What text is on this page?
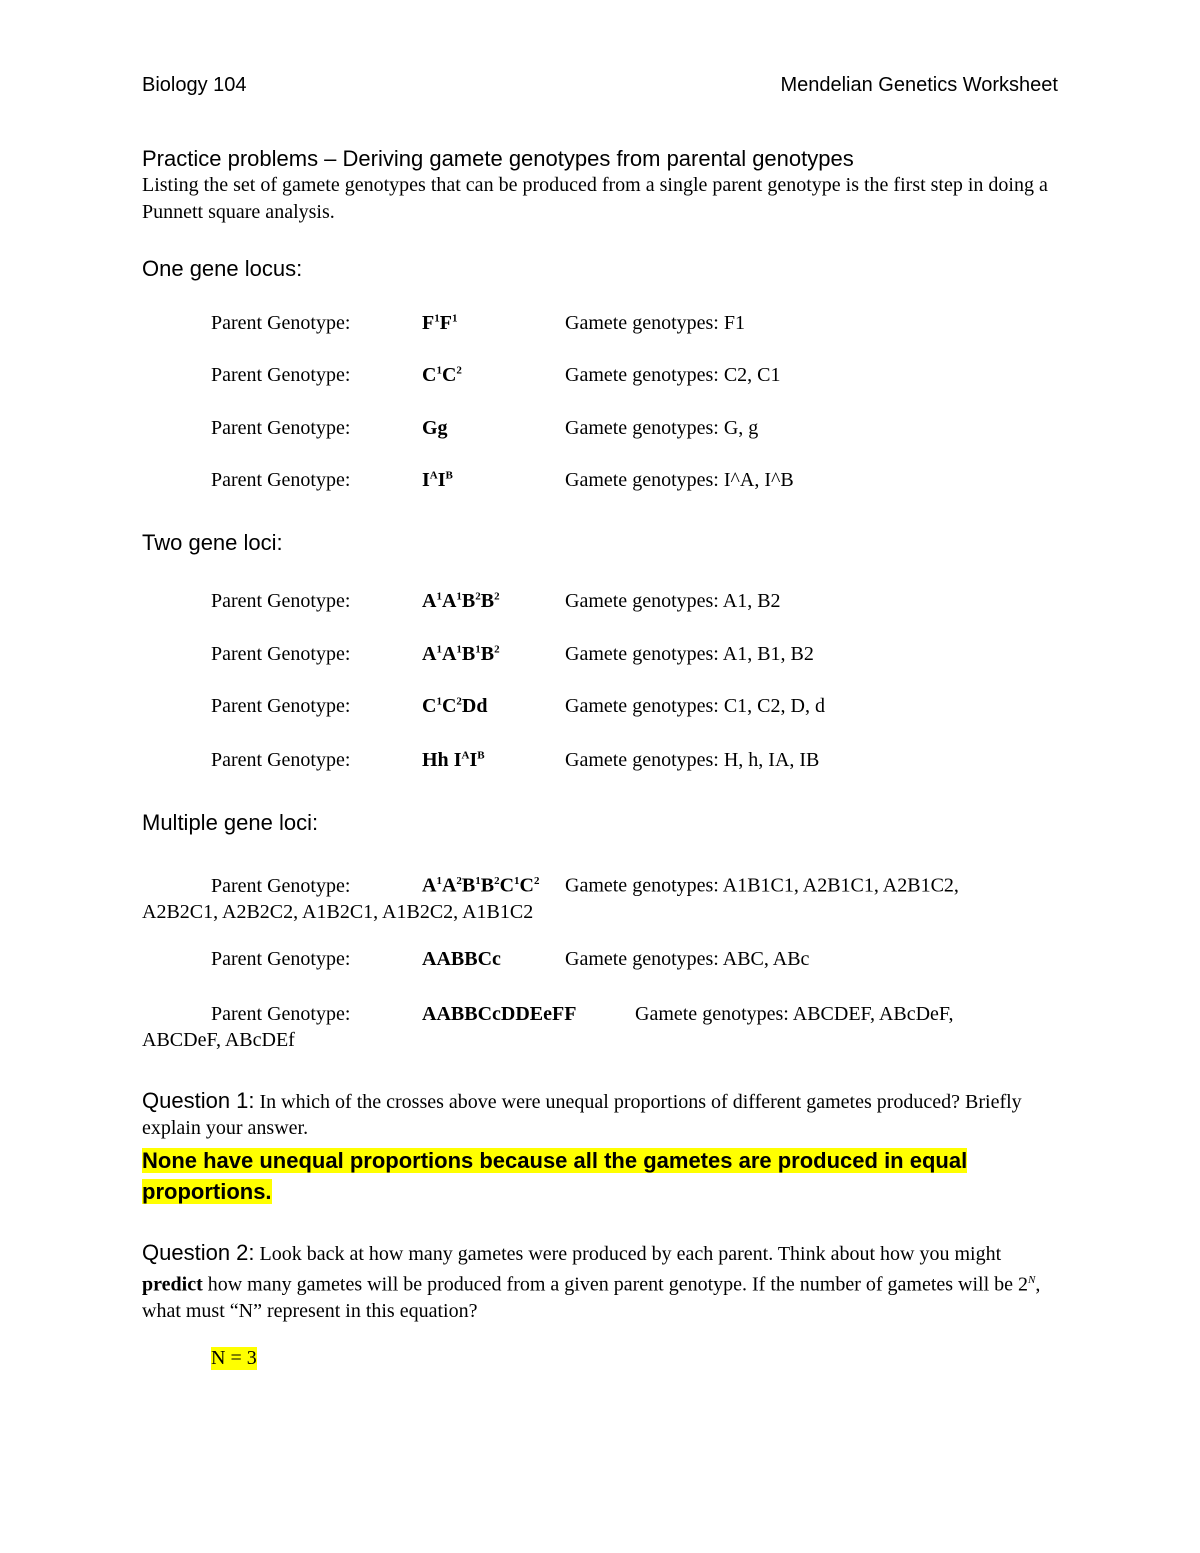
Biology 104	Mendelian Genetics Worksheet
Practice problems – Deriving gamete genotypes from parental genotypes
Listing the set of gamete genotypes that can be produced from a single parent genotype is the first step in doing a Punnett square analysis.
One gene locus:
Parent Genotype:	$F^1F^1$	Gamete genotypes: F1
Parent Genotype:	$C^1C^2$	Gamete genotypes: C2, C1
Parent Genotype:	Gg	Gamete genotypes: G, g
Parent Genotype:	$I^AI^B$	Gamete genotypes: I^A, I^B
Two gene loci:
Parent Genotype:	$A^1A^1B^2B^2$	Gamete genotypes: A1, B2
Parent Genotype:	$A^1A^1B^1B^2$	Gamete genotypes: A1, B1, B2
Parent Genotype:	$C^1C^2Dd$	Gamete genotypes: C1, C2, D, d
Parent Genotype:	Hh $I^AI^B$	Gamete genotypes: H, h, IA, IB
Multiple gene loci:
Parent Genotype:	$A^1A^2B^1B^2C^1C^2$ Gamete genotypes: A1B1C1, A2B1C1, A2B1C2,
A2B2C1, A2B2C2, A1B2C1, A1B2C2, A1B1C2
Parent Genotype:	AABBCc	Gamete genotypes: ABC, ABc
Parent Genotype:	AABBCcDDEeFF	Gamete genotypes: ABCDEF, ABcDeF,
ABCDeF, ABcDEf
Question 1: In which of the crosses above were unequal proportions of different gametes produced? Briefly explain your answer.
None have unequal proportions because all the gametes are produced in equal proportions.
Question 2: Look back at how many gametes were produced by each parent. Think about how you might predict how many gametes will be produced from a given parent genotype. If the number of gametes will be $2^N$, what must “N” represent in this equation?
N = 3
